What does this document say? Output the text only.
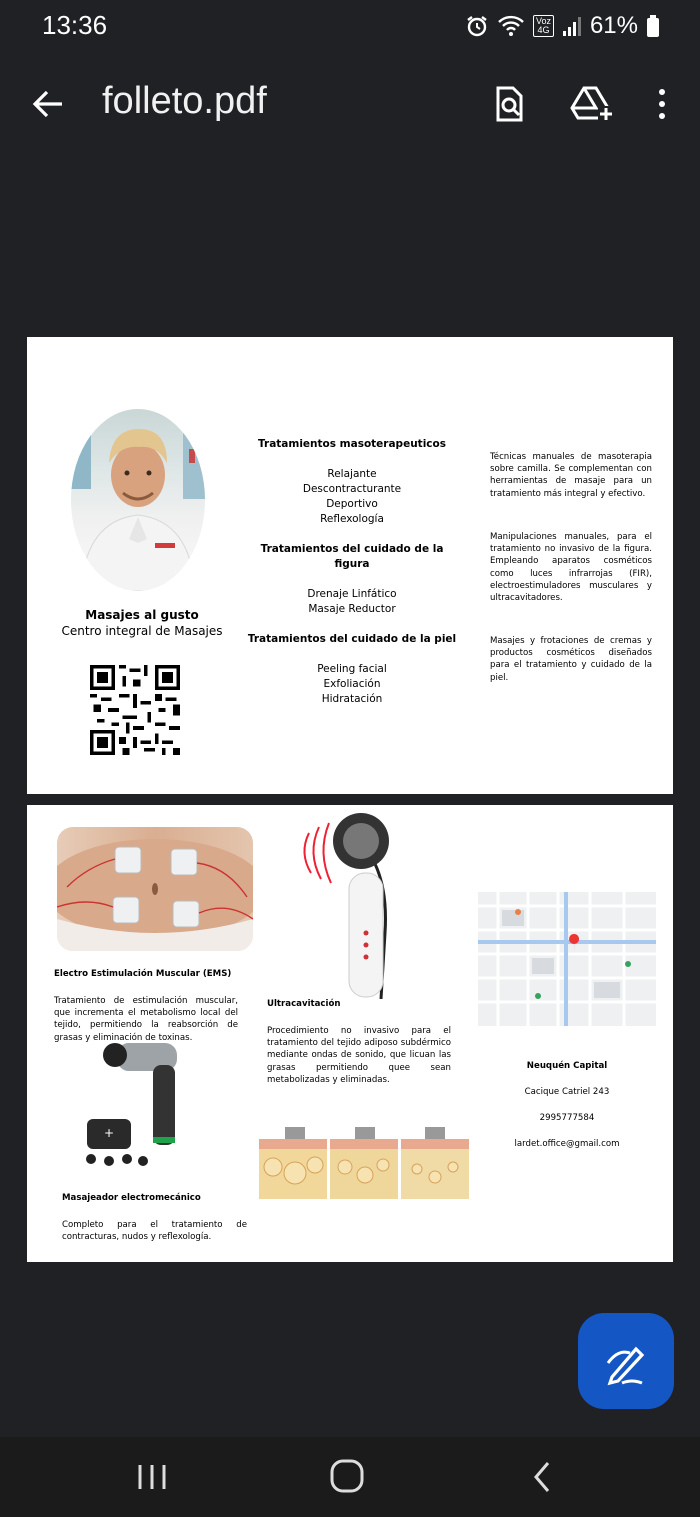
13:36	Voz
4G 61%
folleto.pdf
Masajes al gusto
Centro integral de Masajes
Tratamientos masoterapeuticos
Relajante
Descontracturante
Deportivo
Reflexología
Tratamientos del cuidado de la figura
Drenaje Linfático
Masaje Reductor
Tratamientos del cuidado de la piel
Peeling facial
Exfoliación
Hidratación
Técnicas manuales de masoterapia sobre camilla. Se complementan con herramientas de masaje para un tratamiento más integral y efectivo.
Manipulaciones manuales, para el tratamiento no invasivo de la figura. Empleando aparatos cosméticos como luces infrarrojas (FIR), electroestimuladores musculares y ultracavitadores.
Masajes y frotaciones de cremas y productos cosméticos diseñados para el tratamiento y cuidado de la piel.
Electro Estimulación Muscular (EMS)
Tratamiento de estimulación muscular, que incrementa el metabolismo local del tejido, permitiendo la reabsorción de grasas y eliminación de toxinas.
+
Masajeador electromecánico
Completo para el tratamiento de contracturas, nudos y reflexología.
Ultracavitación
Procedimiento no invasivo para el tratamiento del tejido adiposo subdérmico mediante ondas de sonido, que licuan las grasas permitiendo quee sean metabolizadas y eliminadas.
Neuquén Capital
Cacique Catriel 243
2995777584
lardet.office@gmail.com
